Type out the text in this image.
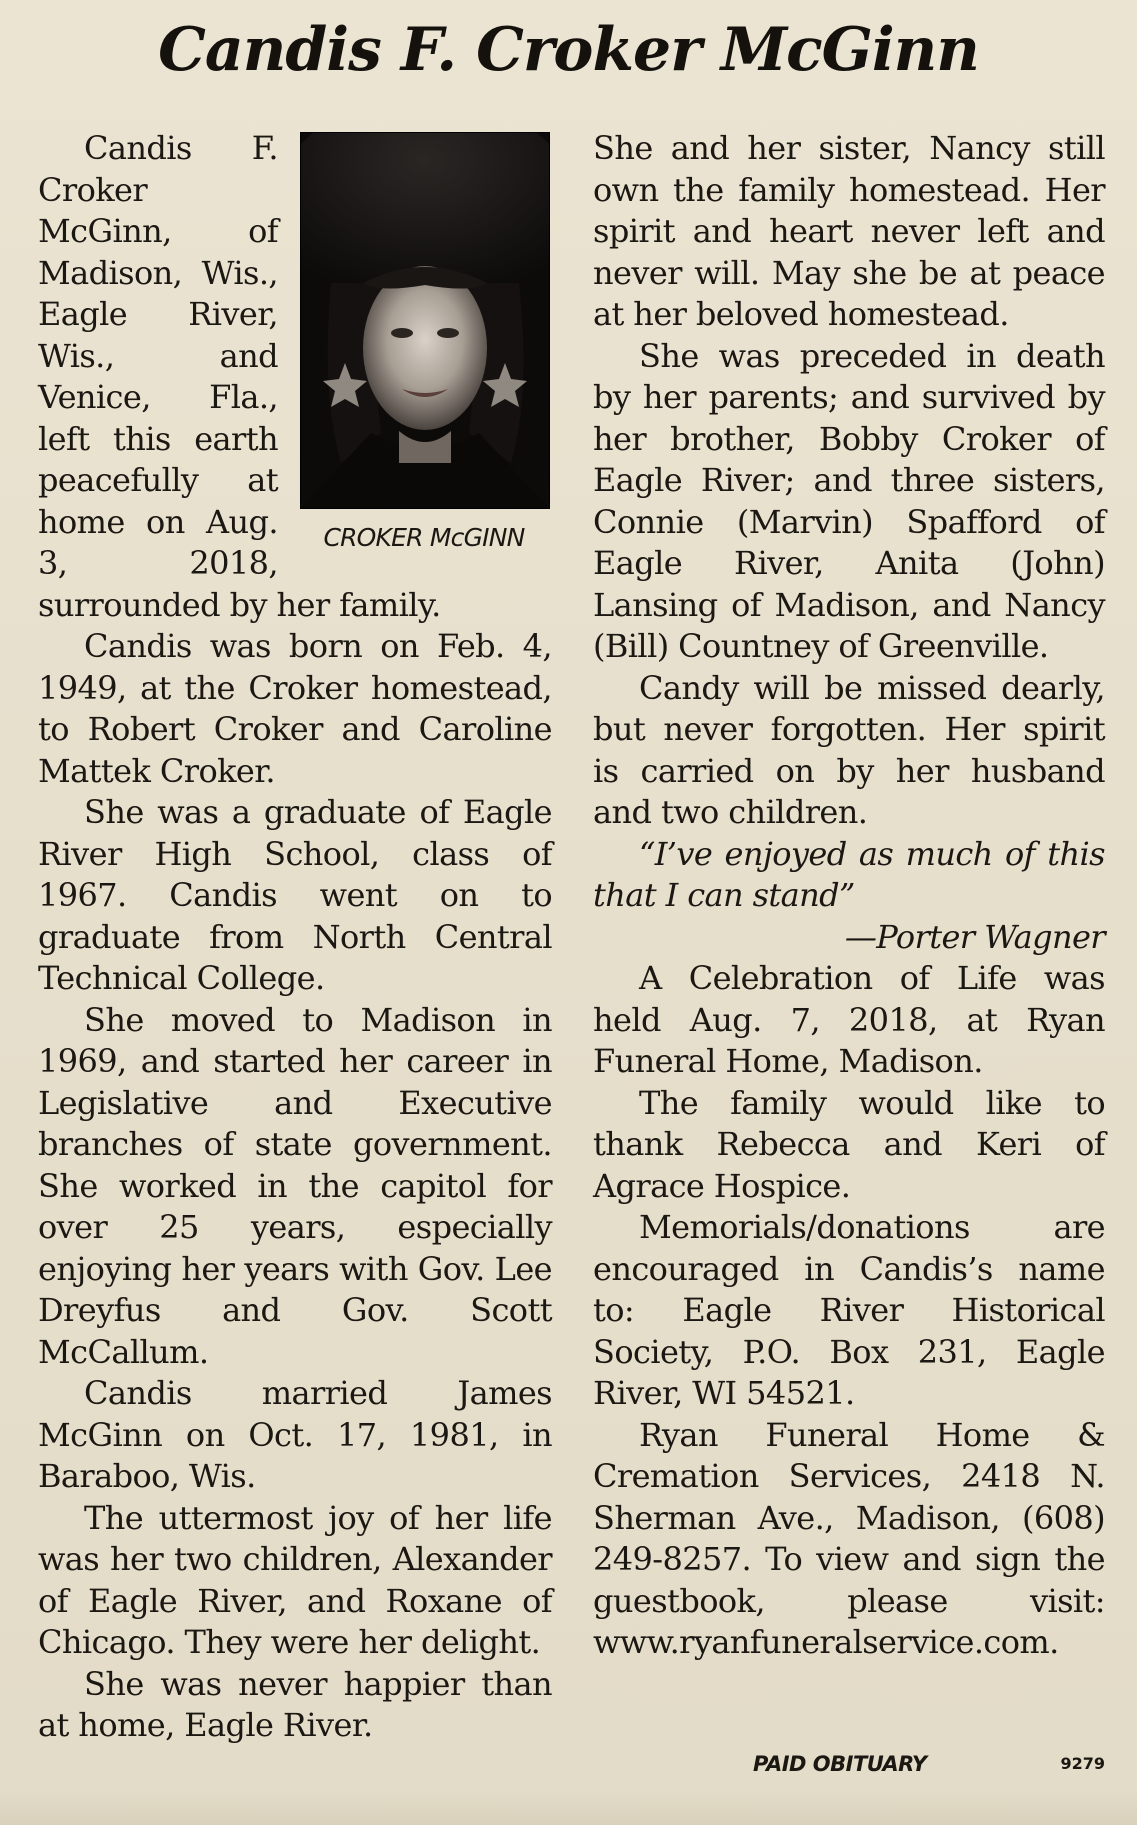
Candis F. Croker McGinn
CROKER McGINN

Candis F. Croker McGinn, of Madison, Wis., Eagle River, Wis., and Venice, Fla., left this earth peacefully at home on Aug. 3, 2018, surrounded by her family.

Candis was born on Feb. 4, 1949, at the Croker homestead, to Robert Croker and Caroline Mattek Croker.

She was a graduate of Eagle River High School, class of 1967. Candis went on to graduate from North Central Technical College.

She moved to Madison in 1969, and started her career in Legislative and Executive branches of state government. She worked in the capitol for over 25 years, especially enjoying her years with Gov. Lee Dreyfus and Gov. Scott McCallum.

Candis married James McGinn on Oct. 17, 1981, in Baraboo, Wis.

The uttermost joy of her life was her two children, Alexander of Eagle River, and Roxane of Chicago. They were her delight.

She was never happier than at home, Eagle River.

She and her sister, Nancy still own the family homestead. Her spirit and heart never left and never will. May she be at peace at her beloved homestead.

She was preceded in death by her parents; and survived by her brother, Bobby Croker of Eagle River; and three sisters, Connie (Marvin) Spafford of Eagle River, Anita (John) Lansing of Madison, and Nancy (Bill) Countney of Greenville.

Candy will be missed dearly, but never forgotten. Her spirit is carried on by her husband and two children.

“I’ve enjoyed as much of this that I can stand”

—Porter Wagner

A Celebration of Life was held Aug. 7, 2018, at Ryan Funeral Home, Madison.

The family would like to thank Rebecca and Keri of Agrace Hospice.

Memorials/donations are encouraged in Candis’s name to: Eagle River Historical Society, P.O. Box 231, Eagle River, WI 54521.

Ryan Funeral Home & Cremation Services, 2418 N. Sherman Ave., Madison, (608) 249-8257. To view and sign the guestbook, please visit: www.ryanfuneralservice.com.

PAID OBITUARY	9279
